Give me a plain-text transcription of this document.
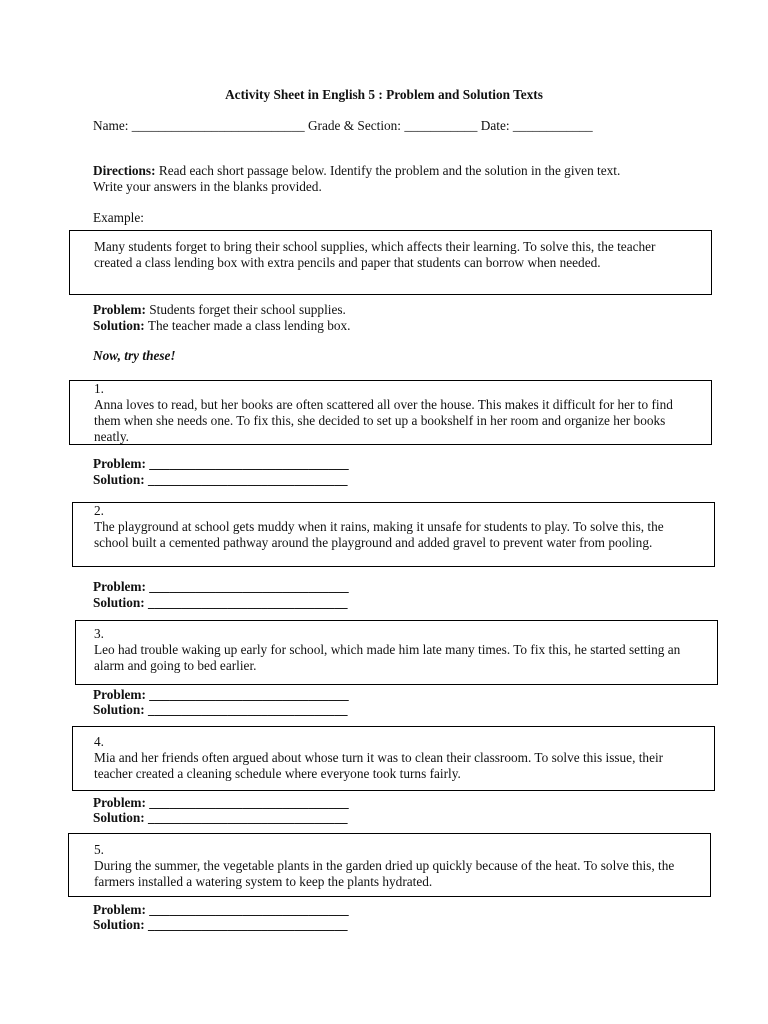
Activity Sheet in English 5 : Problem and Solution Texts
Name: __________________________ Grade & Section: ___________ Date: ____________
Directions: Read each short passage below. Identify the problem and the solution in the given text.
Write your answers in the blanks provided.
Example:
Many students forget to bring their school supplies, which affects their learning. To solve this, the teacher created a class lending box with extra pencils and paper that students can borrow when needed.
Problem: Students forget their school supplies.
Solution: The teacher made a class lending box.
Now, try these!
1.
Anna loves to read, but her books are often scattered all over the house. This makes it difficult for her to find them when she needs one. To fix this, she decided to set up a bookshelf in her room and organize her books neatly.
Problem: ______________________________
Solution: ______________________________
2.
The playground at school gets muddy when it rains, making it unsafe for students to play. To solve this, the school built a cemented pathway around the playground and added gravel to prevent water from pooling.
Problem: ______________________________
Solution: ______________________________
3.
Leo had trouble waking up early for school, which made him late many times. To fix this, he started setting an alarm and going to bed earlier.
Problem: ______________________________
Solution: ______________________________
4.
Mia and her friends often argued about whose turn it was to clean their classroom. To solve this issue, their teacher created a cleaning schedule where everyone took turns fairly.
Problem: ______________________________
Solution: ______________________________
5.
During the summer, the vegetable plants in the garden dried up quickly because of the heat. To solve this, the farmers installed a watering system to keep the plants hydrated.
Problem: ______________________________
Solution: ______________________________
